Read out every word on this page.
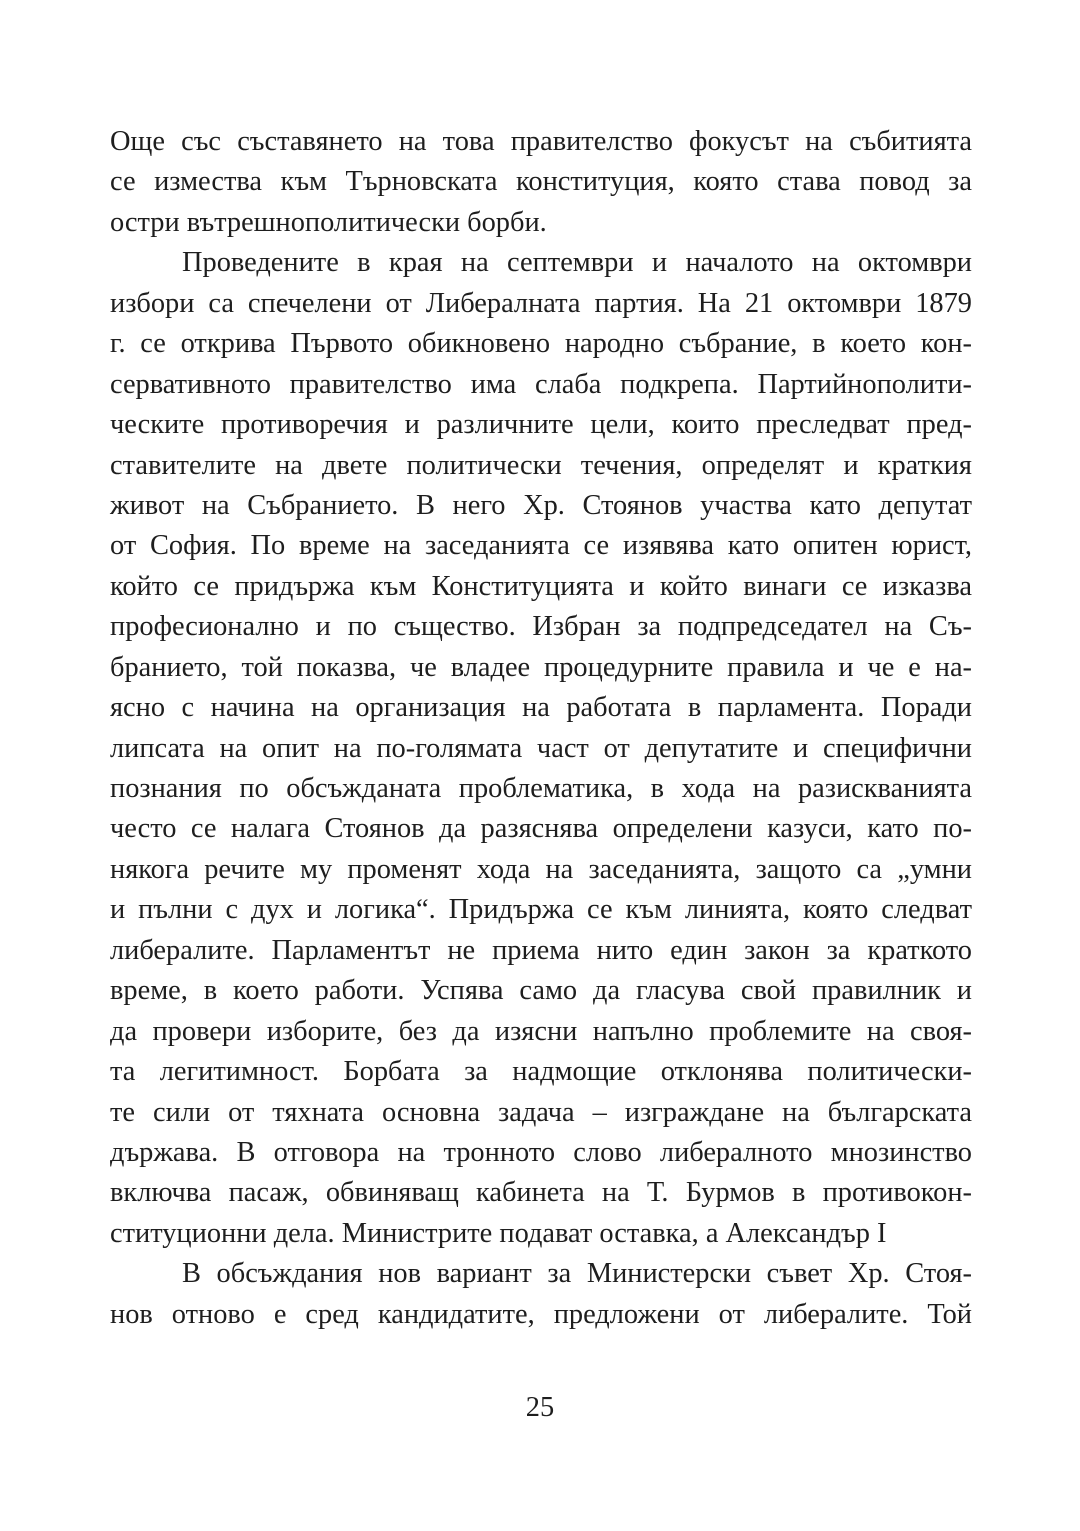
Още със съставянето на това правителство фокусът на събитията
се измества към Търновската конституция, която става повод за
остри вътрешнополитически борби.
Проведените в края на септември и началото на октомври
избори са спечелени от Либералната партия. На 21 октомври 1879
г. се открива Първото обикновено народно събрание, в което кон-
сервативното правителство има слаба подкрепа. Партийнополити-
ческите противоречия и различните цели, които преследват пред-
ставителите на двете политически течения, определят и краткия
живот на Събранието. В него Хр. Стоянов участва като депутат
от София. По време на заседанията се изявява като опитен юрист,
който се придържа към Конституцията и който винаги се изказва
професионално и по същество. Избран за подпредседател на Съ-
бранието, той показва, че владее процедурните правила и че е на-
ясно с начина на организация на работата в парламента. Поради
липсата на опит на по-голямата част от депутатите и специфични
познания по обсъжданата проблематика, в хода на разискванията
често се налага Стоянов да разяснява определени казуси, като по-
някога речите му променят хода на заседанията, защото са „умни
и пълни с дух и логика“. Придържа се към линията, която следват
либералите. Парламентът не приема нито един закон за краткото
време, в което работи. Успява само да гласува свой правилник и
да провери изборите, без да изясни напълно проблемите на своя-
та легитимност. Борбата за надмощие отклонява политически-
те сили от тяхната основна задача – изграждане на българската
държава. В отговора на тронното слово либералното мнозинство
включва пасаж, обвиняващ кабинета на Т. Бурмов в противокон-
ституционни дела. Министрите подават оставка, а Александър I
В обсъждания нов вариант за Министерски съвет Хр. Стоя-
нов отново е сред кандидатите, предложени от либералите. Той
25
